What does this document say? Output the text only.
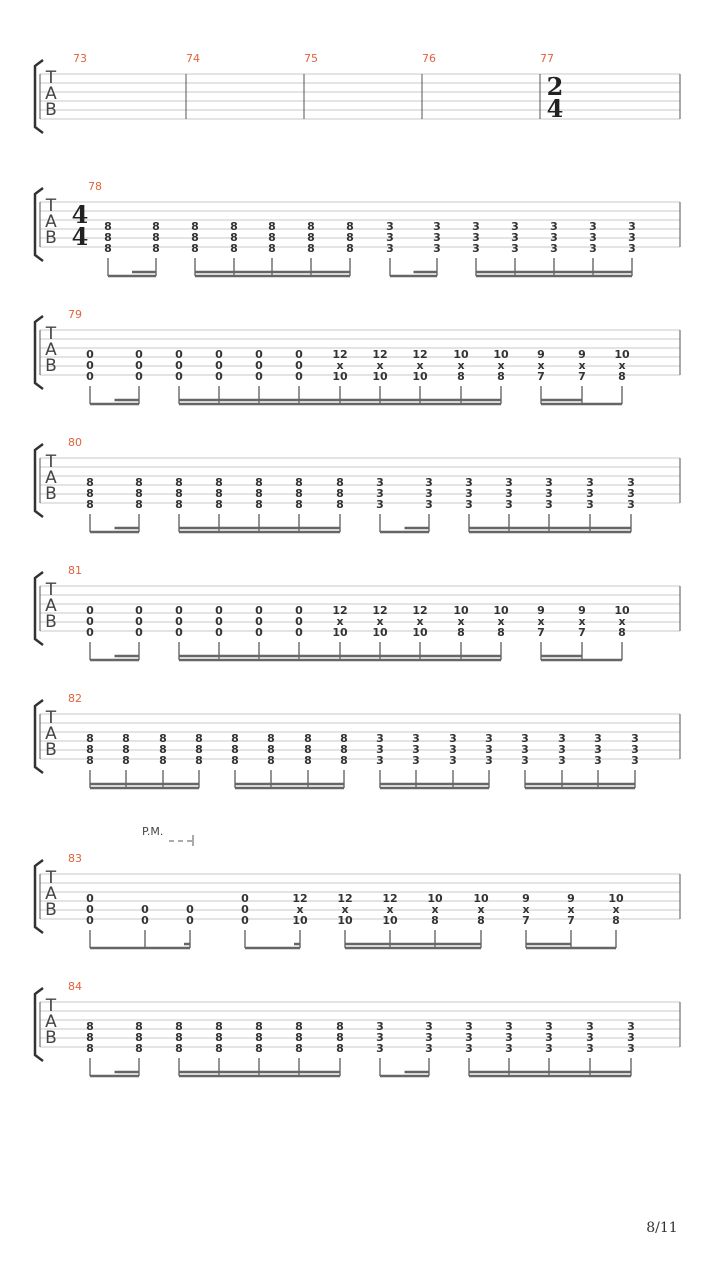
T
A
B
73	74	75	76	77
2
4
T
A
B
78
4
4 8
8
8
8
8
8
8
8
8
8
8
8
8
8
8
8
8
8
8
8
8
3
3
3
3
3
3
3
3
3
3
3
3
3
3
3
3
3
3
3
3
3
T
A
B
79
0
0
0
0
0
0
0
0
0
0
0
0
0
0
0
0
0
0
12
x
10
12
x
10
12
x
10
10
x
8
10
x
8
9
x
7
9
x
7
10
x
8
T
A
B
80
8
8
8
8
8
8
8
8
8
8
8
8
8
8
8
8
8
8
8
8
8
3
3
3
3
3
3
3
3
3
3
3
3
3
3
3
3
3
3
3
3
3
T
A
B
81
0
0
0
0
0
0
0
0
0
0
0
0
0
0
0
0
0
0
12
x
10
12
x
10
12
x
10
10
x
8
10
x
8
9
x
7
9
x
7
10
x
8
T
A
B
82
8
8
8
8
8
8
8
8
8
8
8
8
8
8
8
8
8
8
8
8
8
8
8
8
3
3
3
3
3
3
3
3
3
3
3
3
3
3
3
3
3
3
3
3
3
3
3
3
T
A
B
83
0
0
0
0
0
0
0
0
0
0
12
x
10
12
x
10
12
x
10
10
x
8
10
x
8
9
x
7
9
x
7
10
x
8
P.M.
T
A
B
84
8
8
8
8
8
8
8
8
8
8
8
8
8
8
8
8
8
8
8
8
8
3
3
3
3
3
3
3
3
3
3
3
3
3
3
3
3
3
3
3
3
3
8/11
